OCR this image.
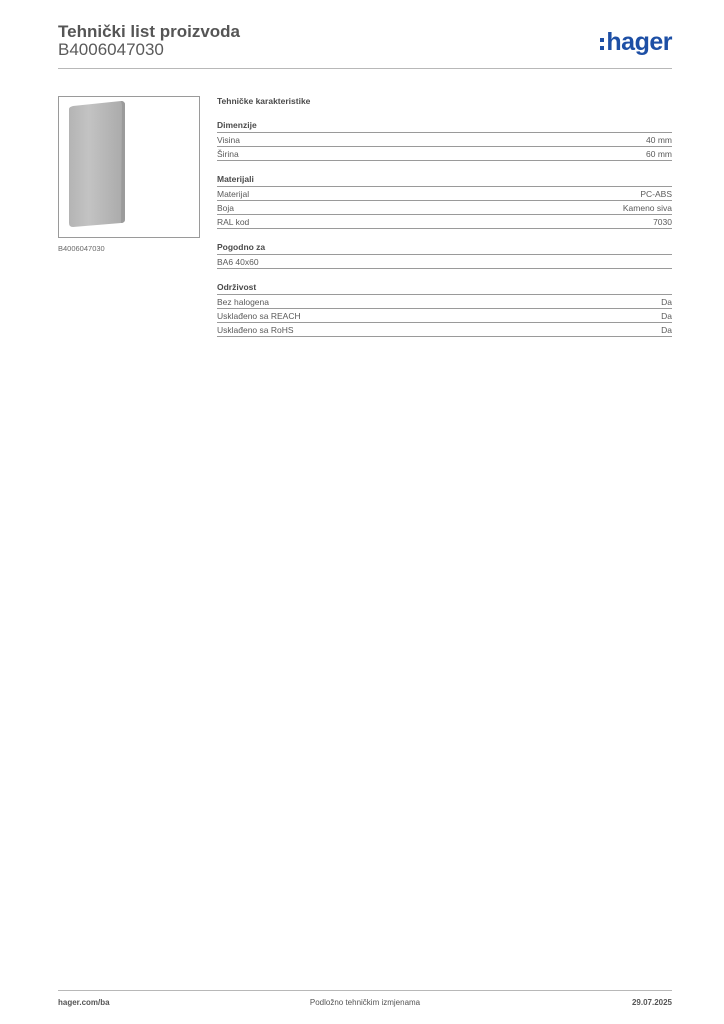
Tehnički list proizvoda
B4006047030	hager
B4006047030
Tehničke karakteristike
Dimenzije
Visina	40 mm
Širina	60 mm
Materijali
Materijal	PC-ABS
Boja	Kameno siva
RAL kod	7030
Pogodno za
BA6 40x60
Održivost
Bez halogena	Da
Usklađeno sa REACH	Da
Usklađeno sa RoHS	Da
hager.com/ba	Podložno tehničkim izmjenama	29.07.2025
